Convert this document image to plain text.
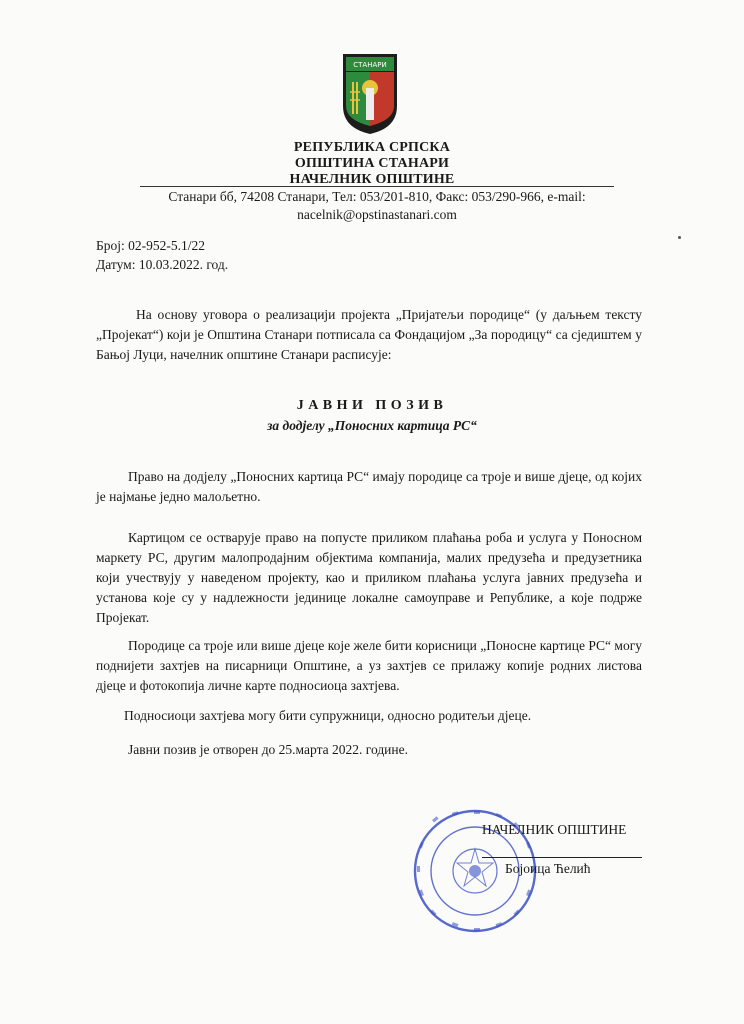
СТАНАРИ
РЕПУБЛИКА СРПСКА
ОПШТИНА СТАНАРИ
НАЧЕЛНИК ОПШТИНЕ
Станари бб, 74208 Станари, Тел: 053/201-810, Факс: 053/290-966, e-mail:
nacelnik@opstinastanari.com
Број: 02-952-5.1/22
Датум: 10.03.2022. год.
На основу уговора о реализацији пројекта „Пријатељи породице“ (у даљњем тексту „Пројекат“) који је Општина Станари потписала са Фондацијом „За породицу“ са сједиштем у Бањој Луци, начелник општине Станари расписује:
ЈАВНИ ПОЗИВ
за додјелу „Поносних картица РС“
Право на додјелу „Поносних картица РС“ имају породице са троје и више дјеце, од којих је најмање једно малољетно.
Картицом се остварује право на попусте приликом плаћања роба и услуга у Поносном маркету РС, другим малопродајним објектима компанија, малих предузећа и предузетника који учествују у наведеном пројекту, као и приликом плаћања услуга јавних предузећа и установа које су у надлежности јединице локалне самоуправе и Републике, а које подрже Пројекат.
Породице са троје или више дјеце које желе бити корисници „Поносне картице РС“ могу поднијети захтјев на писарници Општине, а уз захтјев се прилажу копије родних листова дјеце и фотокопија личне карте подносиоца захтјева.
Подносиоци захтјева могу бити супружници, односно родитељи дјеце.
Јавни позив је отворен до 25.марта 2022. године.
НАЧЕЛНИК ОПШТИНЕ
Бојоица Ћелић
